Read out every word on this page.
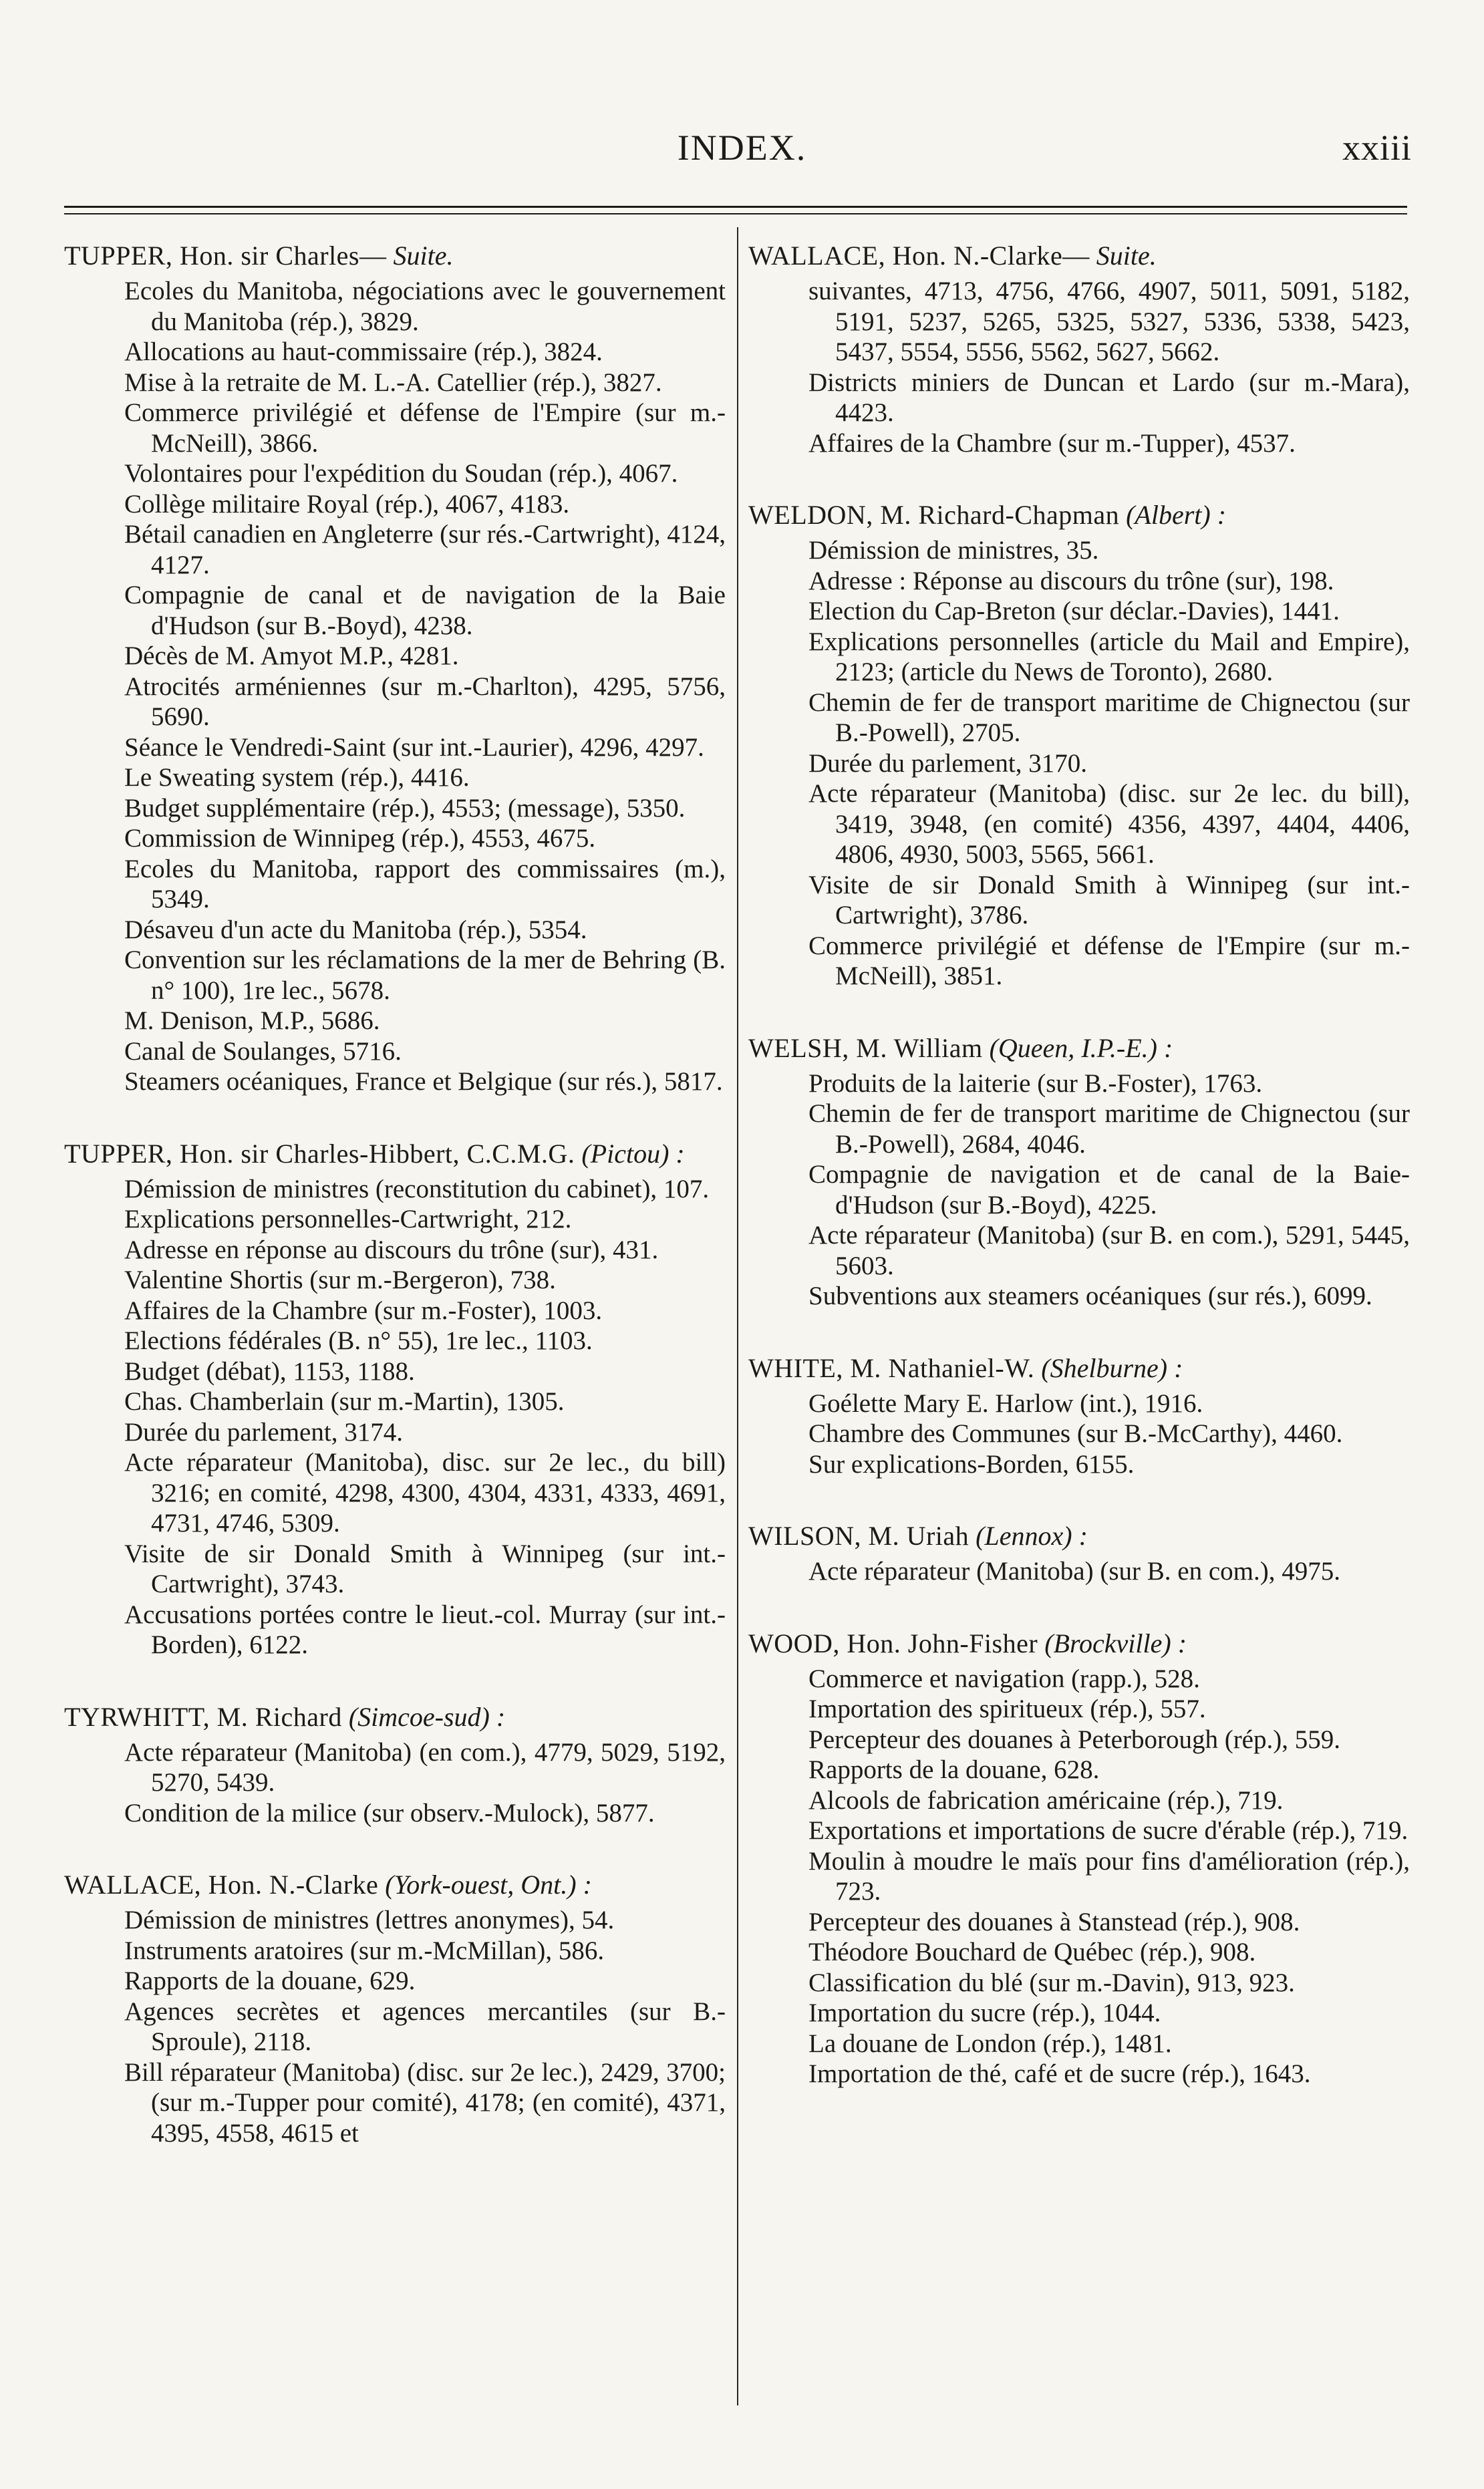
INDEX.	xxiii
TUPPER, Hon. sir Charles— Suite.
Ecoles du Manitoba, négociations avec le gouvernement du Manitoba (rép.), 3829.
Allocations au haut-commissaire (rép.), 3824.
Mise à la retraite de M. L.-A. Catellier (rép.), 3827.
Commerce privilégié et défense de l'Empire (sur m.-McNeill), 3866.
Volontaires pour l'expédition du Soudan (rép.), 4067.
Collège militaire Royal (rép.), 4067, 4183.
Bétail canadien en Angleterre (sur rés.-Cartwright), 4124, 4127.
Compagnie de canal et de navigation de la Baie d'Hudson (sur B.-Boyd), 4238.
Décès de M. Amyot M.P., 4281.
Atrocités arméniennes (sur m.-Charlton), 4295, 5756, 5690.
Séance le Vendredi-Saint (sur int.-Laurier), 4296, 4297.
Le Sweating system (rép.), 4416.
Budget supplémentaire (rép.), 4553; (message), 5350.
Commission de Winnipeg (rép.), 4553, 4675.
Ecoles du Manitoba, rapport des commissaires (m.), 5349.
Désaveu d'un acte du Manitoba (rép.), 5354.
Convention sur les réclamations de la mer de Behring (B. n° 100), 1re lec., 5678.
M. Denison, M.P., 5686.
Canal de Soulanges, 5716.
Steamers océaniques, France et Belgique (sur rés.), 5817.
TUPPER, Hon. sir Charles-Hibbert, C.C.M.G. (Pictou) :
Démission de ministres (reconstitution du cabinet), 107.
Explications personnelles-Cartwright, 212.
Adresse en réponse au discours du trône (sur), 431.
Valentine Shortis (sur m.-Bergeron), 738.
Affaires de la Chambre (sur m.-Foster), 1003.
Elections fédérales (B. n° 55), 1re lec., 1103.
Budget (débat), 1153, 1188.
Chas. Chamberlain (sur m.-Martin), 1305.
Durée du parlement, 3174.
Acte réparateur (Manitoba), disc. sur 2e lec., du bill) 3216; en comité, 4298, 4300, 4304, 4331, 4333, 4691, 4731, 4746, 5309.
Visite de sir Donald Smith à Winnipeg (sur int.-Cartwright), 3743.
Accusations portées contre le lieut.-col. Murray (sur int.-Borden), 6122.
TYRWHITT, M. Richard (Simcoe-sud) :
Acte réparateur (Manitoba) (en com.), 4779, 5029, 5192, 5270, 5439.
Condition de la milice (sur observ.-Mulock), 5877.
WALLACE, Hon. N.-Clarke (York-ouest, Ont.) :
Démission de ministres (lettres anonymes), 54.
Instruments aratoires (sur m.-McMillan), 586.
Rapports de la douane, 629.
Agences secrètes et agences mercantiles (sur B.-Sproule), 2118.
Bill réparateur (Manitoba) (disc. sur 2e lec.), 2429, 3700; (sur m.-Tupper pour comité), 4178; (en comité), 4371, 4395, 4558, 4615 et
WALLACE, Hon. N.-Clarke— Suite.
suivantes, 4713, 4756, 4766, 4907, 5011, 5091, 5182, 5191, 5237, 5265, 5325, 5327, 5336, 5338, 5423, 5437, 5554, 5556, 5562, 5627, 5662.
Districts miniers de Duncan et Lardo (sur m.-Mara), 4423.
Affaires de la Chambre (sur m.-Tupper), 4537.
WELDON, M. Richard-Chapman (Albert) :
Démission de ministres, 35.
Adresse : Réponse au discours du trône (sur), 198.
Election du Cap-Breton (sur déclar.-Davies), 1441.
Explications personnelles (article du Mail and Empire), 2123; (article du News de Toronto), 2680.
Chemin de fer de transport maritime de Chignectou (sur B.-Powell), 2705.
Durée du parlement, 3170.
Acte réparateur (Manitoba) (disc. sur 2e lec. du bill), 3419, 3948, (en comité) 4356, 4397, 4404, 4406, 4806, 4930, 5003, 5565, 5661.
Visite de sir Donald Smith à Winnipeg (sur int.-Cartwright), 3786.
Commerce privilégié et défense de l'Empire (sur m.-McNeill), 3851.
WELSH, M. William (Queen, I.P.-E.) :
Produits de la laiterie (sur B.-Foster), 1763.
Chemin de fer de transport maritime de Chignectou (sur B.-Powell), 2684, 4046.
Compagnie de navigation et de canal de la Baie-d'Hudson (sur B.-Boyd), 4225.
Acte réparateur (Manitoba) (sur B. en com.), 5291, 5445, 5603.
Subventions aux steamers océaniques (sur rés.), 6099.
WHITE, M. Nathaniel-W. (Shelburne) :
Goélette Mary E. Harlow (int.), 1916.
Chambre des Communes (sur B.-McCarthy), 4460.
Sur explications-Borden, 6155.
WILSON, M. Uriah (Lennox) :
Acte réparateur (Manitoba) (sur B. en com.), 4975.
WOOD, Hon. John-Fisher (Brockville) :
Commerce et navigation (rapp.), 528.
Importation des spiritueux (rép.), 557.
Percepteur des douanes à Peterborough (rép.), 559.
Rapports de la douane, 628.
Alcools de fabrication américaine (rép.), 719.
Exportations et importations de sucre d'érable (rép.), 719.
Moulin à moudre le maïs pour fins d'amélioration (rép.), 723.
Percepteur des douanes à Stanstead (rép.), 908.
Théodore Bouchard de Québec (rép.), 908.
Classification du blé (sur m.-Davin), 913, 923.
Importation du sucre (rép.), 1044.
La douane de London (rép.), 1481.
Importation de thé, café et de sucre (rép.), 1643.
